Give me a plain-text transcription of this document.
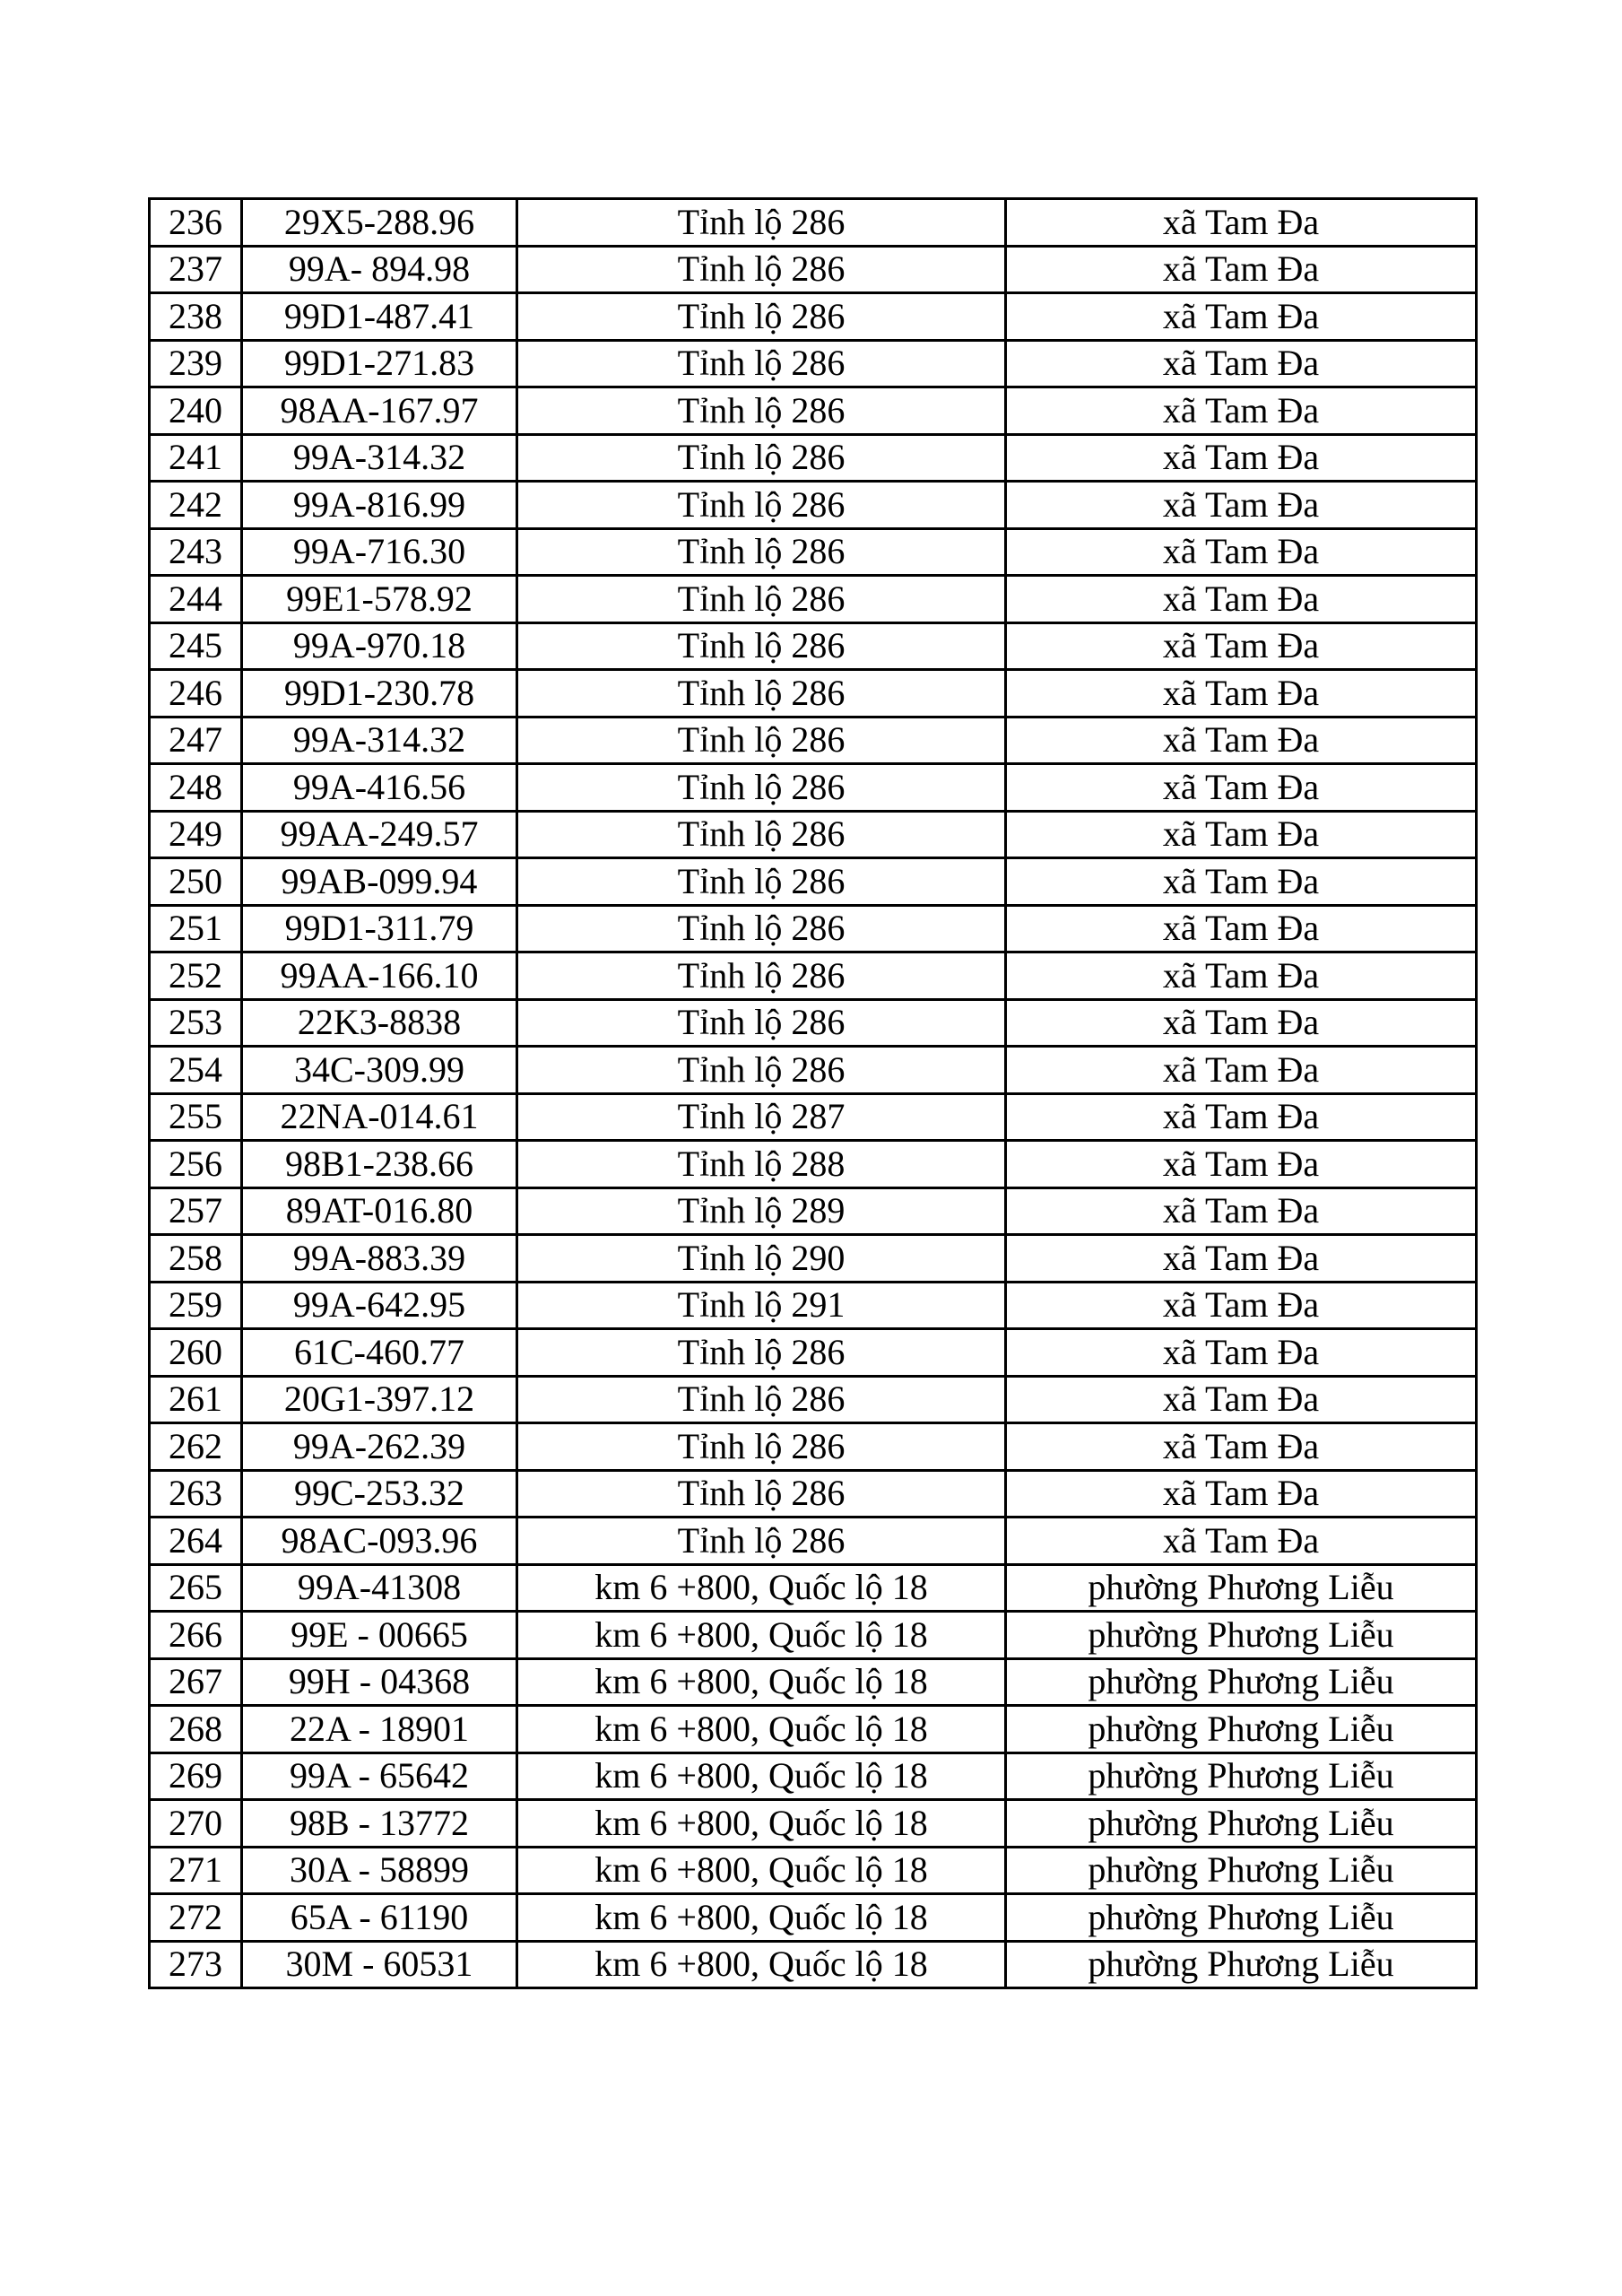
236	29X5-288.96	Tỉnh lộ 286	xã Tam Đa
237	99A- 894.98	Tỉnh lộ 286	xã Tam Đa
238	99D1-487.41	Tỉnh lộ 286	xã Tam Đa
239	99D1-271.83	Tỉnh lộ 286	xã Tam Đa
240	98AA-167.97	Tỉnh lộ 286	xã Tam Đa
241	99A-314.32	Tỉnh lộ 286	xã Tam Đa
242	99A-816.99	Tỉnh lộ 286	xã Tam Đa
243	99A-716.30	Tỉnh lộ 286	xã Tam Đa
244	99E1-578.92	Tỉnh lộ 286	xã Tam Đa
245	99A-970.18	Tỉnh lộ 286	xã Tam Đa
246	99D1-230.78	Tỉnh lộ 286	xã Tam Đa
247	99A-314.32	Tỉnh lộ 286	xã Tam Đa
248	99A-416.56	Tỉnh lộ 286	xã Tam Đa
249	99AA-249.57	Tỉnh lộ 286	xã Tam Đa
250	99AB-099.94	Tỉnh lộ 286	xã Tam Đa
251	99D1-311.79	Tỉnh lộ 286	xã Tam Đa
252	99AA-166.10	Tỉnh lộ 286	xã Tam Đa
253	22K3-8838	Tỉnh lộ 286	xã Tam Đa
254	34C-309.99	Tỉnh lộ 286	xã Tam Đa
255	22NA-014.61	Tỉnh lộ 287	xã Tam Đa
256	98B1-238.66	Tỉnh lộ 288	xã Tam Đa
257	89AT-016.80	Tỉnh lộ 289	xã Tam Đa
258	99A-883.39	Tỉnh lộ 290	xã Tam Đa
259	99A-642.95	Tỉnh lộ 291	xã Tam Đa
260	61C-460.77	Tỉnh lộ 286	xã Tam Đa
261	20G1-397.12	Tỉnh lộ 286	xã Tam Đa
262	99A-262.39	Tỉnh lộ 286	xã Tam Đa
263	99C-253.32	Tỉnh lộ 286	xã Tam Đa
264	98AC-093.96	Tỉnh lộ 286	xã Tam Đa
265	99A-41308	km 6 +800, Quốc lộ 18	phường Phương Liễu
266	99E - 00665	km 6 +800, Quốc lộ 18	phường Phương Liễu
267	99H - 04368	km 6 +800, Quốc lộ 18	phường Phương Liễu
268	22A - 18901	km 6 +800, Quốc lộ 18	phường Phương Liễu
269	99A - 65642	km 6 +800, Quốc lộ 18	phường Phương Liễu
270	98B - 13772	km 6 +800, Quốc lộ 18	phường Phương Liễu
271	30A - 58899	km 6 +800, Quốc lộ 18	phường Phương Liễu
272	65A - 61190	km 6 +800, Quốc lộ 18	phường Phương Liễu
273	30M - 60531	km 6 +800, Quốc lộ 18	phường Phương Liễu
